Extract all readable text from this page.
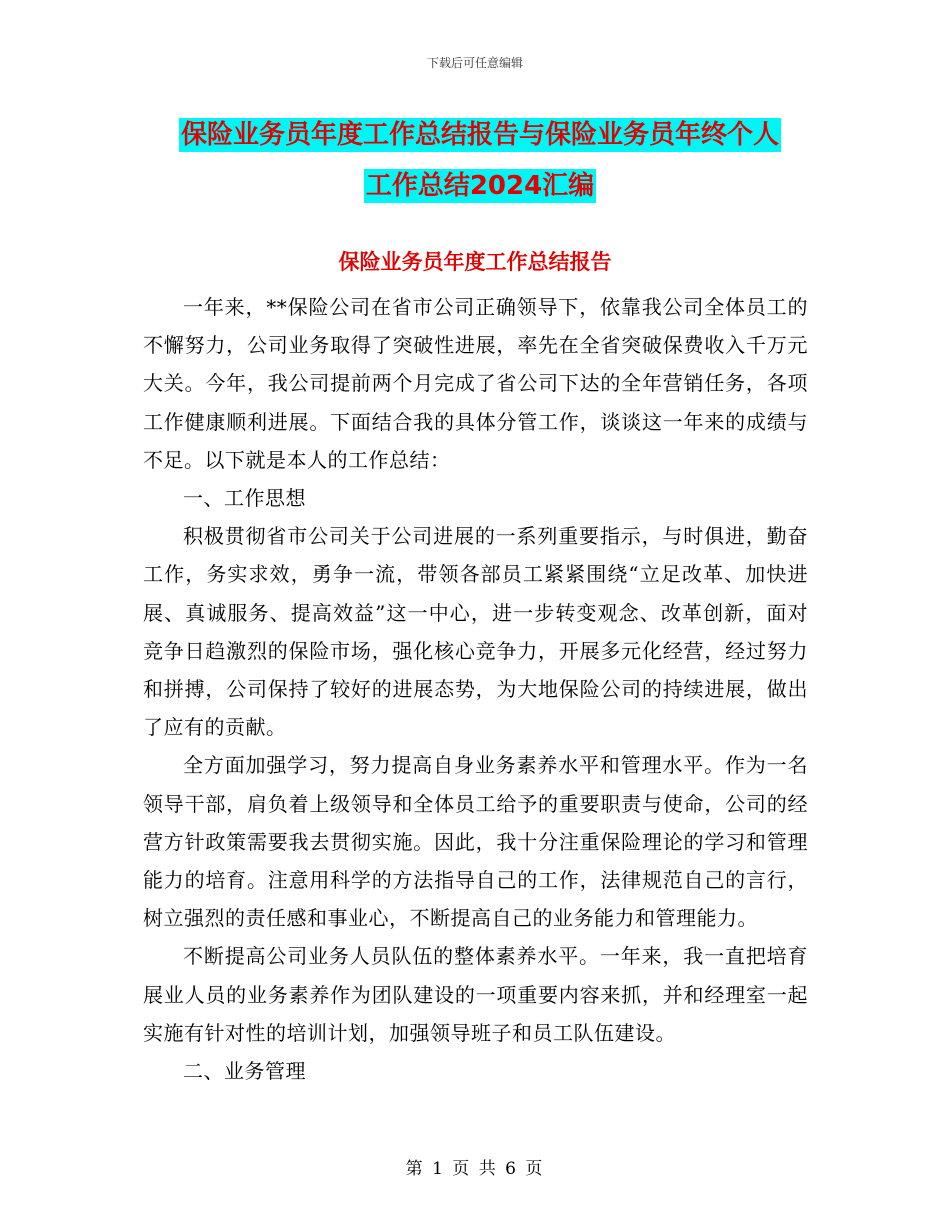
下载后可任意编辑
保险业务员年度工作总结报告与保险业务员年终个人
工作总结2024汇编
保险业务员年度工作总结报告

一年来，**保险公司在省市公司正确领导下，依靠我公司全体员工的不懈努力，公司业务取得了突破性进展，率先在全省突破保费收入千万元大关。今年，我公司提前两个月完成了省公司下达的全年营销任务，各项工作健康顺利进展。下面结合我的具体分管工作，谈谈这一年来的成绩与不足。以下就是本人的工作总结：

一、工作思想

积极贯彻省市公司关于公司进展的一系列重要指示，与时俱进，勤奋工作，务实求效，勇争一流，带领各部员工紧紧围绕“立足改革、加快进展、真诚服务、提高效益”这一中心，进一步转变观念、改革创新，面对竞争日趋激烈的保险市场，强化核心竞争力，开展多元化经营，经过努力和拼搏，公司保持了较好的进展态势，为大地保险公司的持续进展，做出了应有的贡献。

全方面加强学习，努力提高自身业务素养水平和管理水平。作为一名领导干部，肩负着上级领导和全体员工给予的重要职责与使命，公司的经营方针政策需要我去贯彻实施。因此，我十分注重保险理论的学习和管理能力的培育。注意用科学的方法指导自己的工作，法律规范自己的言行，树立强烈的责任感和事业心，不断提高自己的业务能力和管理能力。

不断提高公司业务人员队伍的整体素养水平。一年来，我一直把培育展业人员的业务素养作为团队建设的一项重要内容来抓，并和经理室一起实施有针对性的培训计划，加强领导班子和员工队伍建设。

二、业务管理

第 1 页 共 6 页
